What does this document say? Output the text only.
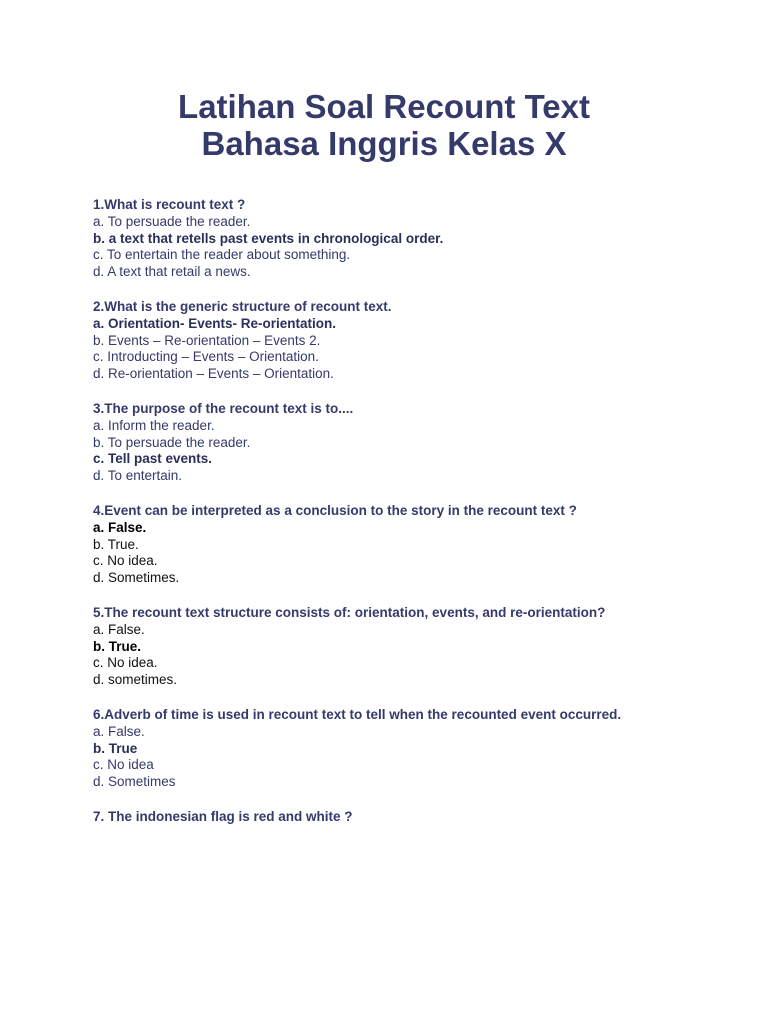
Latihan Soal Recount Text
Bahasa Inggris Kelas X
1.What is recount text ?
a. To persuade the reader.
b. a text that retells past events in chronological order.
c. To entertain the reader about something.
d. A text that retail a news.
2.What is the generic structure of recount text.
a. Orientation- Events- Re-orientation.
b. Events – Re-orientation – Events 2.
c. Introducting – Events – Orientation.
d. Re-orientation – Events – Orientation.
3.The purpose of the recount text is to....
a. Inform the reader.
b. To persuade the reader.
c. Tell past events.
d. To entertain.
4.Event can be interpreted as a conclusion to the story in the recount text ?
a. False.
b. True.
c. No idea.
d. Sometimes.
5.The recount text structure consists of: orientation, events, and re-orientation?
a. False.
b. True.
c. No idea.
d. sometimes.
6.Adverb of time is used in recount text to tell when the recounted event occurred.
a. False.
b. True
c. No idea
d. Sometimes
7. The indonesian flag is red and white ?
